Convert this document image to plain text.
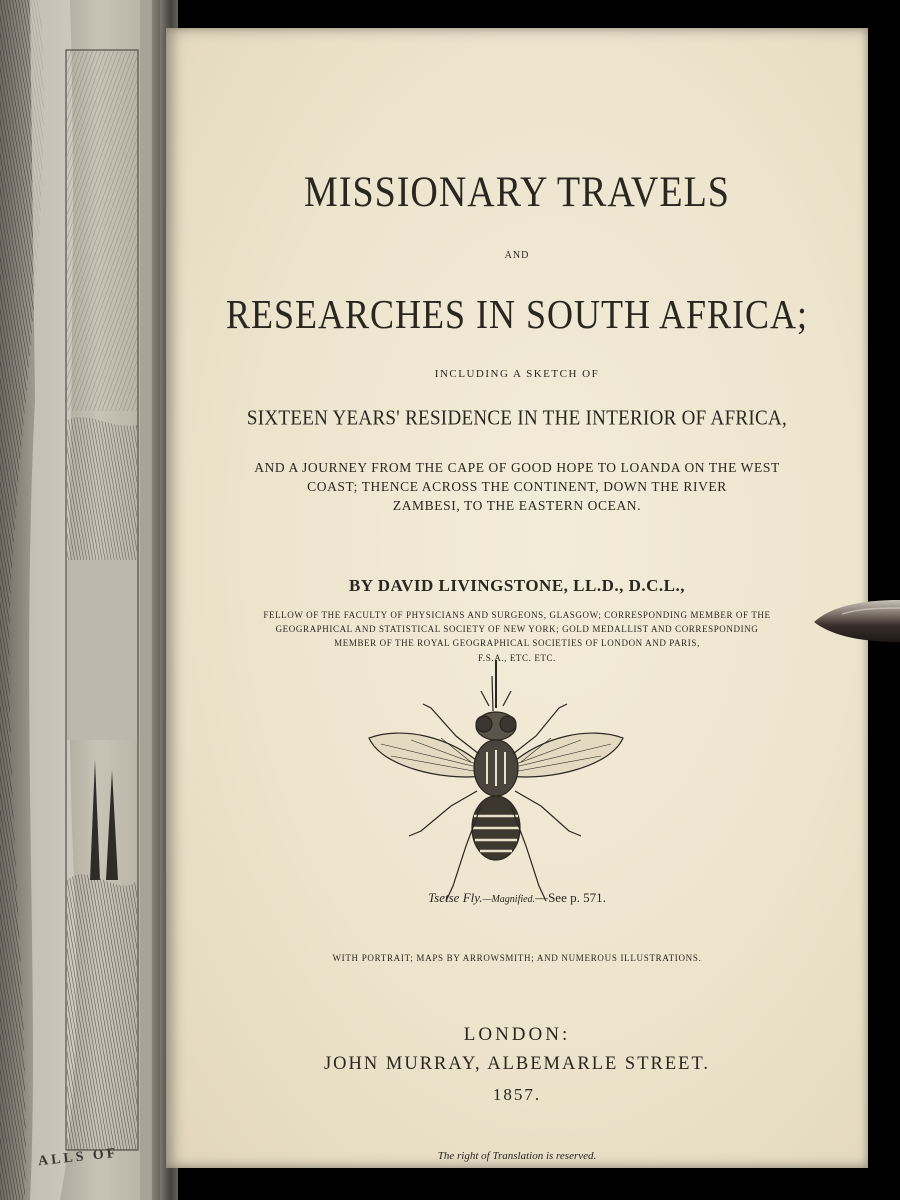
ALLS OF
MISSIONARY TRAVELS
AND
RESEARCHES IN SOUTH AFRICA;
INCLUDING A SKETCH OF
SIXTEEN YEARS' RESIDENCE IN THE INTERIOR OF AFRICA,
AND A JOURNEY FROM THE CAPE OF GOOD HOPE TO LOANDA ON THE WEST
COAST; THENCE ACROSS THE CONTINENT, DOWN THE RIVER
ZAMBESI, TO THE EASTERN OCEAN.
BY DAVID LIVINGSTONE, LL.D., D.C.L.,
FELLOW OF THE FACULTY OF PHYSICIANS AND SURGEONS, GLASGOW; CORRESPONDING MEMBER OF THE
GEOGRAPHICAL AND STATISTICAL SOCIETY OF NEW YORK; GOLD MEDALLIST AND CORRESPONDING
MEMBER OF THE ROYAL GEOGRAPHICAL SOCIETIES OF LONDON AND PARIS,
F.S.A., ETC. ETC.
Tsetse Fly.—Magnified.—See p. 571.
WITH PORTRAIT; MAPS BY ARROWSMITH; AND NUMEROUS ILLUSTRATIONS.
LONDON:
JOHN MURRAY, ALBEMARLE STREET.
1857.
The right of Translation is reserved.
